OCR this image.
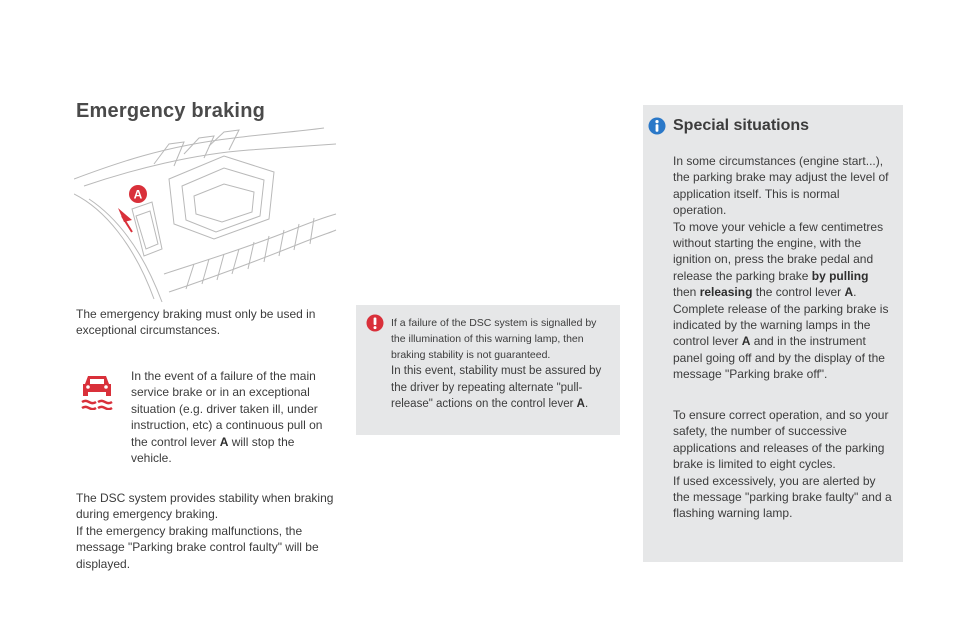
Emergency braking
A
The emergency braking must only be used in exceptional circumstances.
In the event of a failure of the main service brake or in an exceptional situation (e.g. driver taken ill, under instruction, etc) a continuous pull on the control lever A will stop the vehicle.
The DSC system provides stability when braking during emergency braking.
If the emergency braking malfunctions, the message "Parking brake control faulty" will be displayed.
If a failure of the DSC system is signalled by the illumination of this warning lamp, then braking stability is not guaranteed.
In this event, stability must be assured by the driver by repeating alternate "pull-release" actions on the control lever A.
Special situations
In some circumstances (engine start...), the parking brake may adjust the level of application itself. This is normal operation.
To move your vehicle a few centimetres without starting the engine, with the ignition on, press the brake pedal and release the parking brake by pulling then releasing the control lever A.
Complete release of the parking brake is indicated by the warning lamps in the control lever A and in the instrument panel going off and by the display of the message "Parking brake off".
To ensure correct operation, and so your safety, the number of successive applications and releases of the parking brake is limited to eight cycles.
If used excessively, you are alerted by the message "parking brake faulty" and a flashing warning lamp.
